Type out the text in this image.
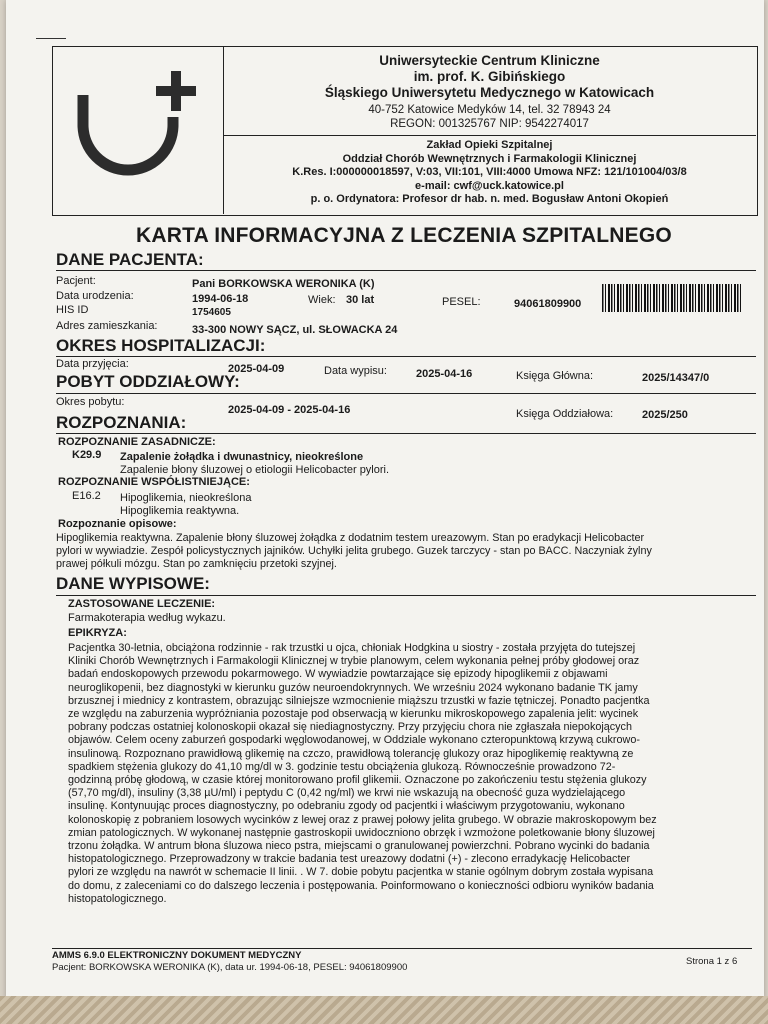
Uniwersyteckie Centrum Kliniczne
im. prof. K. Gibińskiego
Śląskiego Uniwersytetu Medycznego w Katowicach
40-752 Katowice Medyków 14, tel. 32 78943 24
REGON: 001325767 NIP: 9542274017
Zakład Opieki Szpitalnej
Oddział Chorób Wewnętrznych i Farmakologii Klinicznej
K.Res. I:000000018597, V:03, VII:101, VIII:4000 Umowa NFZ: 121/101004/03/8
e-mail: cwf@uck.katowice.pl
p. o. Ordynatora: Profesor dr hab. n. med. Bogusław Antoni Okopień
KARTA INFORMACYJNA Z LECZENIA SZPITALNEGO
DANE PACJENTA:
Pacjent:	Pani BORKOWSKA WERONIKA (K)
Data urodzenia:	1994-06-18	Wiek: 30 lat	PESEL:	94061809900
HIS ID	1754605
Adres zamieszkania:	33-300 NOWY SĄCZ, ul. SŁOWACKA 24
OKRES HOSPITALIZACJI:
Data przyjęcia:	2025-04-09	Data wypisu:	2025-04-16	Księga Główna:	2025/14347/0
POBYT ODDZIAŁOWY:
Okres pobytu:
2025-04-09 - 2025-04-16	Księga Oddziałowa:	2025/250
ROZPOZNANIA:
ROZPOZNANIE ZASADNICZE:
K29.9 Zapalenie żołądka i dwunastnicy, nieokreślone
Zapalenie błony śluzowej o etiologii Helicobacter pylori.
ROZPOZNANIE WSPÓŁISTNIEJĄCE:
E16.2 Hipoglikemia, nieokreślona
Hipoglikemia reaktywna.
Rozpoznanie opisowe:
Hipoglikemia reaktywna. Zapalenie błony śluzowej żołądka z dodatnim testem ureazowym. Stan po eradykacji Helicobacter
pylori w wywiadzie. Zespół policystycznych jajników. Uchyłki jelita grubego. Guzek tarczycy - stan po BACC. Naczyniak żylny
prawej półkuli mózgu. Stan po zamknięciu przetoki szyjnej.
DANE WYPISOWE:
ZASTOSOWANE LECZENIE:
Farmakoterapia według wykazu.
EPIKRYZA:
Pacjentka 30-letnia, obciążona rodzinnie - rak trzustki u ojca, chłoniak Hodgkina u siostry - została przyjęta do tutejszej
Kliniki Chorób Wewnętrznych i Farmakologii Klinicznej w trybie planowym, celem wykonania pełnej próby głodowej oraz
badań endoskopowych przewodu pokarmowego. W wywiadzie powtarzające się epizody hipoglikemii z objawami
neuroglikopenii, bez diagnostyki w kierunku guzów neuroendokrynnych. We wrześniu 2024 wykonano badanie TK jamy
brzusznej i miednicy z kontrastem, obrazując silniejsze wzmocnienie miąższu trzustki w fazie tętniczej. Ponadto pacjentka
ze względu na zaburzenia wypróżniania pozostaje pod obserwacją w kierunku mikroskopowego zapalenia jelit: wycinek
pobrany podczas ostatniej kolonoskopii okazał się niediagnostyczny. Przy przyjęciu chora nie zgłaszała niepokojących
objawów. Celem oceny zaburzeń gospodarki węglowodanowej, w Oddziale wykonano czteropunktową krzywą cukrowo-
insulinową. Rozpoznano prawidłową glikemię na czczo, prawidłową tolerancję glukozy oraz hipoglikemię reaktywną ze
spadkiem stężenia glukozy do 41,10 mg/dl w 3. godzinie testu obciążenia glukozą. Równocześnie prowadzono 72-
godzinną próbę głodową, w czasie której monitorowano profil glikemii. Oznaczone po zakończeniu testu stężenia glukozy
(57,70 mg/dl), insuliny (3,38 µU/ml) i peptydu C (0,42 ng/ml) we krwi nie wskazują na obecność guza wydzielającego
insulinę. Kontynuując proces diagnostyczny, po odebraniu zgody od pacjentki i właściwym przygotowaniu, wykonano
kolonoskopię z pobraniem losowych wycinków z lewej oraz z prawej połowy jelita grubego. W obrazie makroskopowym bez
zmian patologicznych. W wykonanej następnie gastroskopii uwidoczniono obrzęk i wzmożone poletkowanie błony śluzowej
trzonu żołądka. W antrum błona śluzowa nieco pstra, miejscami o granulowanej powierzchni. Pobrano wycinki do badania
histopatologicznego. Przeprowadzony w trakcie badania test ureazowy dodatni (+) - zlecono erradykację Helicobacter
pylori ze względu na nawrót w schemacie II linii. . W 7. dobie pobytu pacjentka w stanie ogólnym dobrym została wypisana
do domu, z zaleceniami co do dalszego leczenia i postępowania. Poinformowano o konieczności odbioru wyników badania
histopatologicznego.
AMMS 6.9.0 ELEKTRONICZNY DOKUMENT MEDYCZNY
Pacjent: BORKOWSKA WERONIKA (K), data ur. 1994-06-18, PESEL: 94061809900
Strona 1 z 6
